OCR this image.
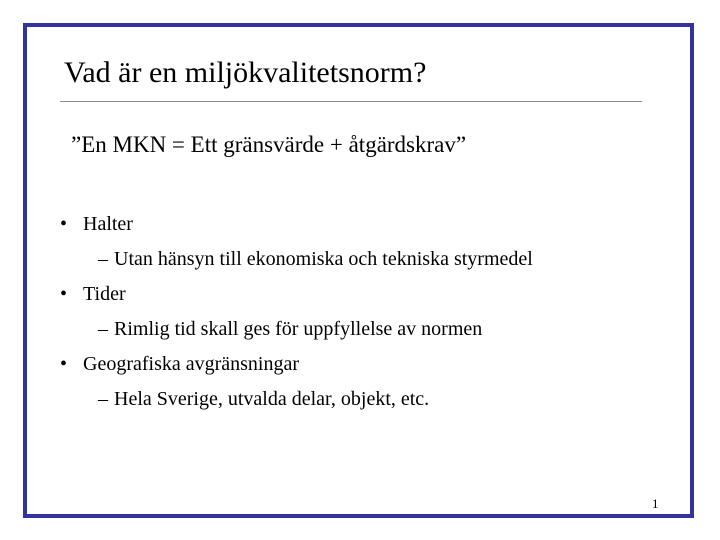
Vad är en miljökvalitetsnorm?
”En MKN = Ett gränsvärde + åtgärdskrav”
• Halter
– Utan hänsyn till ekonomiska och tekniska styrmedel
• Tider
– Rimlig tid skall ges för uppfyllelse av normen
• Geografiska avgränsningar
– Hela Sverige, utvalda delar, objekt, etc.
1
